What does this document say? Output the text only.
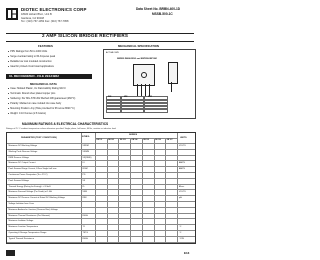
DIOTEC ELECTRONICS CORP
18020 Hobart Blvd., Unit B
Gardena, CA 90248
Tel.: (310) 767-1052 Fax: (310) 767-7958
Data Sheet No. BRBN-400-1D
MSSB-500-1C
2 AMP SILICON BRIDGE RECTIFIERS
FEATURES
■ PRV Ratings from 50 to 1000 Volts
■ Surge overload rating to 60 Amperes peak
■ Reliable low cost moulded construction
■ Ideal for printed circuit board applications
UL RECOGNIZED - FILE #E124962
MECHANICAL DATA
■ Case: Molded Plastic, UL Flammability Rating 94V-0
■ Terminals: Round silver plated copper pins
■ Soldering: Per MIL-STD 202 Method 208 guaranteed (260°C)
■ Polarity: Marked on case molded into case body
■ Mounting Position: Any (Hole provided for #6 screw 8620 °C)
■ Weight: 0.10 Ounces (2.8 Grams)
MECHANICAL SPECIFICATION
ACTUAL SIZE
SERIES DB06-DB1G and KBP2M-KBP10M
DIM	MIN	MAX
MAXIMUM RATINGS & ELECTRICAL CHARACTERISTICS
Ratings at 25 °C ambient temperature unless otherwise specified. Single phase, half wave, 60 Hz, resistive or inductive load.
PARAMETER (TEST CONDITIONS)	SYMBOL
SERIES
UNITS
DB 101	DB 102	DB 103	DB 104	DB 105	DB 106	DB 107
Maximum DC Blocking Voltage	VRRM	VOLTS
Working Peak Reverse Voltage	VRWM
RMS Reverse Voltage	VR(RMS)
Maximum DC Output Current	IO	AMPS
Peak Forward Surge Current, 8.3ms Single half sine	IFSM	AMPS
Continuous Power Dissipation (Ta = 25°C)	PD
Peak Forward Voltage	VF
Thermal Energy (Rating for Fusing) t < 8.3mS	I²t	A²sec
Maximum Forward Voltage (Per Diode) at 1.0A	VFM	VOLTS
Maximum DC Reverse Current at Rated DC Blocking Voltage	IRM	µA
Voltage Isolation from Case
Maximum Avalanche Junction (Reverse Bias) Voltage
Maximum Thermal Resistance (Per Element)	RθJA
Maximum Isolation Voltage
Maximum Junction Temperature	TJ	°C
Operating & Storage Temperature Range	TSTG	°C
Typical Thermal Resistance	RθJA	°C/W
E13
